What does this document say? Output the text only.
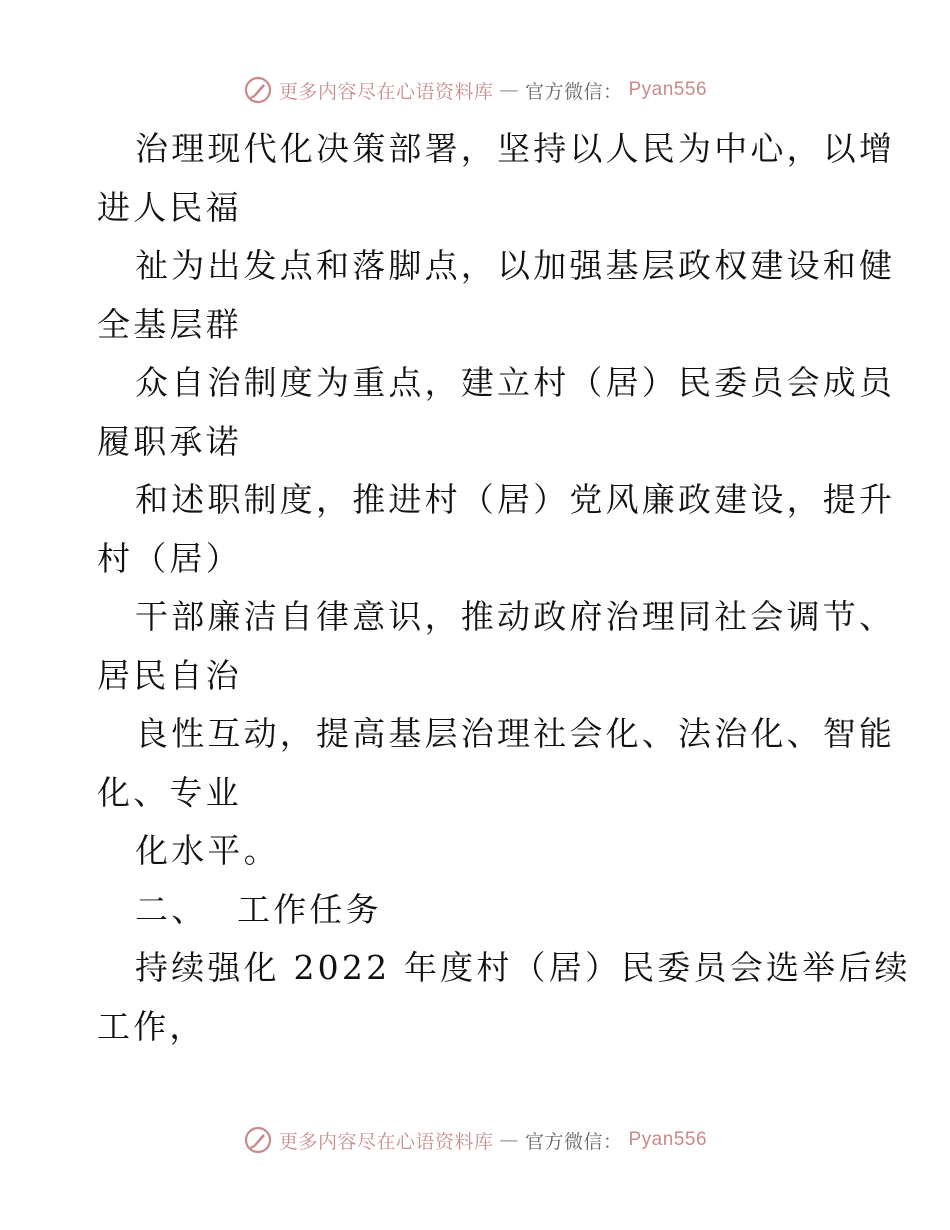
更多内容尽在心语资料库 — 官方微信： Pyan556
治理现代化决策部署，坚持以人民为中心，以增
进人民福
祉为出发点和落脚点，以加强基层政权建设和健
全基层群
众自治制度为重点，建立村（居）民委员会成员
履职承诺
和述职制度，推进村（居）党风廉政建设，提升
村（居）
干部廉洁自律意识，推动政府治理同社会调节、
居民自治
良性互动，提高基层治理社会化、法治化、智能
化、专业
化水平。
二、 工作任务
持续强化 2022 年度村（居）民委员会选举后续
工作，
更多内容尽在心语资料库 — 官方微信： Pyan556
